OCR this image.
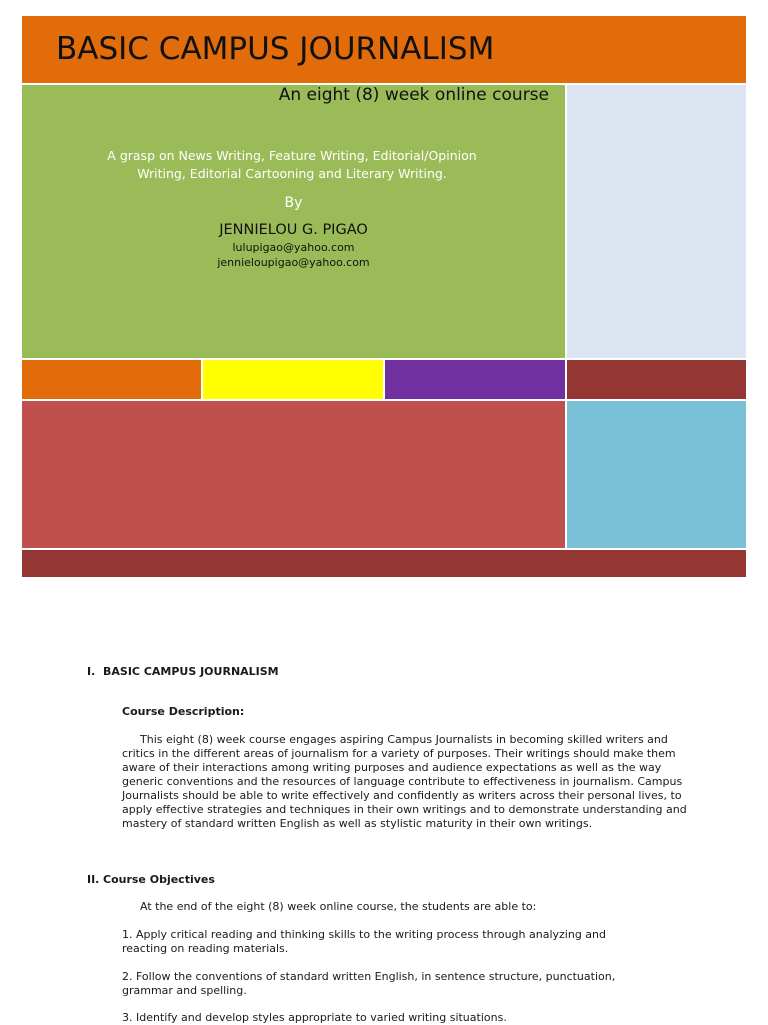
BASIC CAMPUS JOURNALISM
An eight (8) week online course
A grasp on News Writing, Feature Writing, Editorial/Opinion
Writing, Editorial Cartooning and Literary Writing.
By
JENNIELOU G. PIGAO
lulupigao@yahoo.com
jennieloupigao@yahoo.com
I. BASIC CAMPUS JOURNALISM
Course Description:
This eight (8) week course engages aspiring Campus Journalists in becoming skilled writers and critics in the different areas of journalism for a variety of purposes. Their writings should make them aware of their interactions among writing purposes and audience expectations as well as the way generic conventions and the resources of language contribute to effectiveness in journalism. Campus Journalists should be able to write effectively and confidently as writers across their personal lives, to apply effective strategies and techniques in their own writings and to demonstrate understanding and mastery of standard written English as well as stylistic maturity in their own writings.
II. Course Objectives
At the end of the eight (8) week online course, the students are able to:
1. Apply critical reading and thinking skills to the writing process through analyzing and reacting on reading materials.
2. Follow the conventions of standard written English, in sentence structure, punctuation, grammar and spelling.
3. Identify and develop styles appropriate to varied writing situations.
